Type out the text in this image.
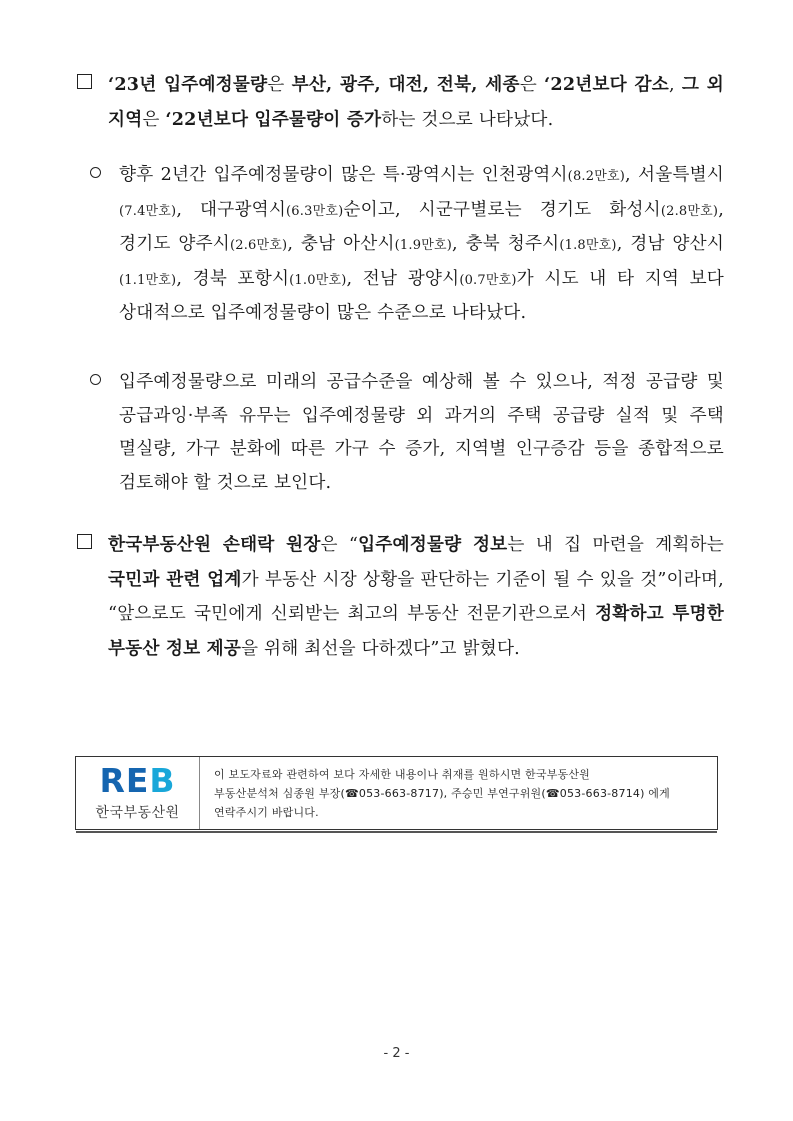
‘23년 입주예정물량은 부산, 광주, 대전, 전북, 세종은 ‘22년보다 감소, 그 외 지역은 ‘22년보다 입주물량이 증가하는 것으로 나타났다.
향후 2년간 입주예정물량이 많은 특·광역시는 인천광역시(8.2만호), 서울특별시(7.4만호), 대구광역시(6.3만호)순이고, 시군구별로는 경기도 화성시(2.8만호), 경기도 양주시(2.6만호), 충남 아산시(1.9만호), 충북 청주시(1.8만호), 경남 양산시(1.1만호), 경북 포항시(1.0만호), 전남 광양시(0.7만호)가 시도 내 타 지역 보다 상대적으로 입주예정물량이 많은 수준으로 나타났다.
입주예정물량으로 미래의 공급수준을 예상해 볼 수 있으나, 적정 공급량 및 공급과잉·부족 유무는 입주예정물량 외 과거의 주택 공급량 실적 및 주택 멸실량, 가구 분화에 따른 가구 수 증가, 지역별 인구증감 등을 종합적으로 검토해야 할 것으로 보인다.
한국부동산원 손태락 원장은 “입주예정물량 정보는 내 집 마련을 계획하는 국민과 관련 업계가 부동산 시장 상황을 판단하는 기준이 될 수 있을 것”이라며, “앞으로도 국민에게 신뢰받는 최고의 부동산 전문기관으로서 정확하고 투명한 부동산 정보 제공을 위해 최선을 다하겠다”고 밝혔다.
REB
한국부동산원
이 보도자료와 관련하여 보다 자세한 내용이나 취재를 원하시면 한국부동산원
부동산분석처 심종원 부장(☎053-663-8717), 주승민 부연구위원(☎053-663-8714) 에게
연락주시기 바랍니다.
- 2 -
